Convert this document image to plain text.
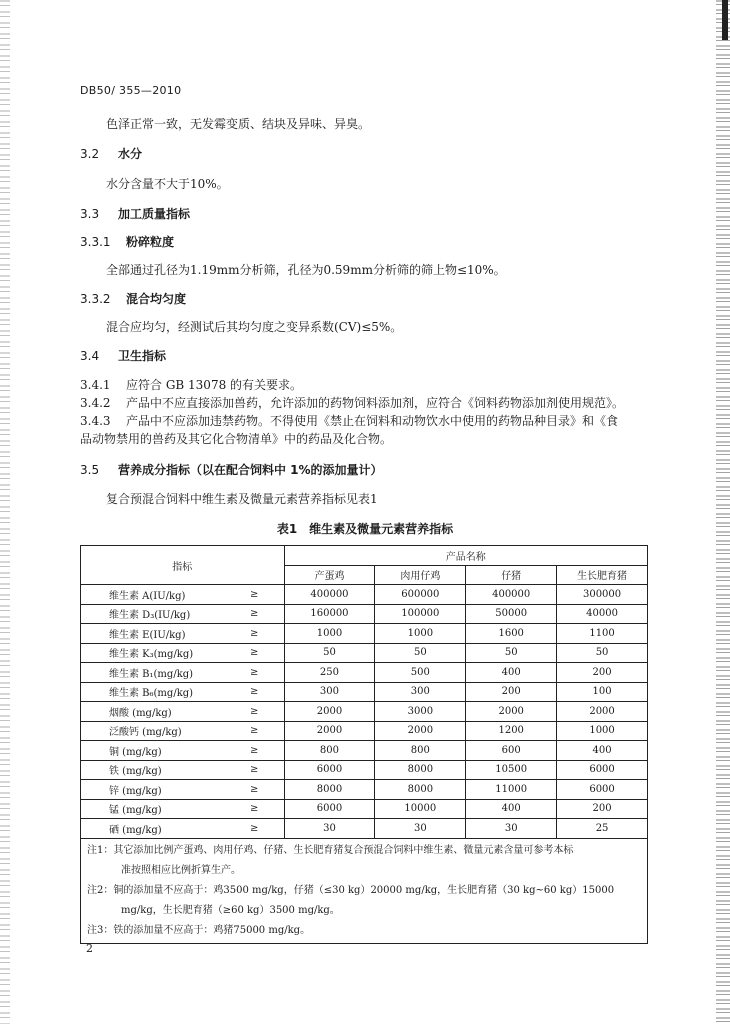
DB50/ 355—2010
色泽正常一致，无发霉变质、结块及异味、异臭。
3.2 水分
水分含量不大于10%。
3.3 加工质量指标
3.3.1 粉碎粒度
全部通过孔径为1.19mm分析筛，孔径为0.59mm分析筛的筛上物≤10%。
3.3.2 混合均匀度
混合应均匀，经测试后其均匀度之变异系数(CV)≤5%。
3.4 卫生指标
3.4.1 应符合 GB 13078 的有关要求。
3.4.2 产品中不应直接添加兽药，允许添加的药物饲料添加剂，应符合《饲料药物添加剂使用规范》。
3.4.3 产品中不应添加违禁药物。不得使用《禁止在饲料和动物饮水中使用的药物品种目录》和《食
品动物禁用的兽药及其它化合物清单》中的药品及化合物。
3.5 营养成分指标（以在配合饲料中 1%的添加量计）
复合预混合饲料中维生素及微量元素营养指标见表1
表1　维生素及微量元素营养指标
指标		产品名称			
		产蛋鸡	肉用仔鸡	仔猪	生长肥育猪
维生素 A(IU/kg)	≥	400000	600000	400000	300000
维生素 D₃(IU/kg)	≥	160000	100000	50000	40000
维生素 E(IU/kg)	≥	1000	1000	1600	1100
维生素 K₃(mg/kg)	≥	50	50	50	50
维生素 B₁(mg/kg)	≥	250	500	400	200
维生素 B₆(mg/kg)	≥	300	300	200	100
烟酸 (mg/kg)	≥	2000	3000	2000	2000
泛酸钙 (mg/kg)	≥	2000	2000	1200	1000
铜 (mg/kg)	≥	800	800	600	400
铁 (mg/kg)	≥	6000	8000	10500	6000
锌 (mg/kg)	≥	8000	8000	11000	6000
锰 (mg/kg)	≥	6000	10000	400	200
硒 (mg/kg)	≥	30	30	30	25

注1：其它添加比例产蛋鸡、肉用仔鸡、仔猪、生长肥育猪复合预混合饲料中维生素、微量元素含量可参考本标
准按照相应比例折算生产。
注2：铜的添加量不应高于：鸡3500 mg/kg，仔猪（≤30 kg）20000 mg/kg，生长肥育猪（30 kg~60 kg）15000
mg/kg，生长肥育猪（≥60 kg）3500 mg/kg。
注3：铁的添加量不应高于：鸡猪75000 mg/kg。					
2
